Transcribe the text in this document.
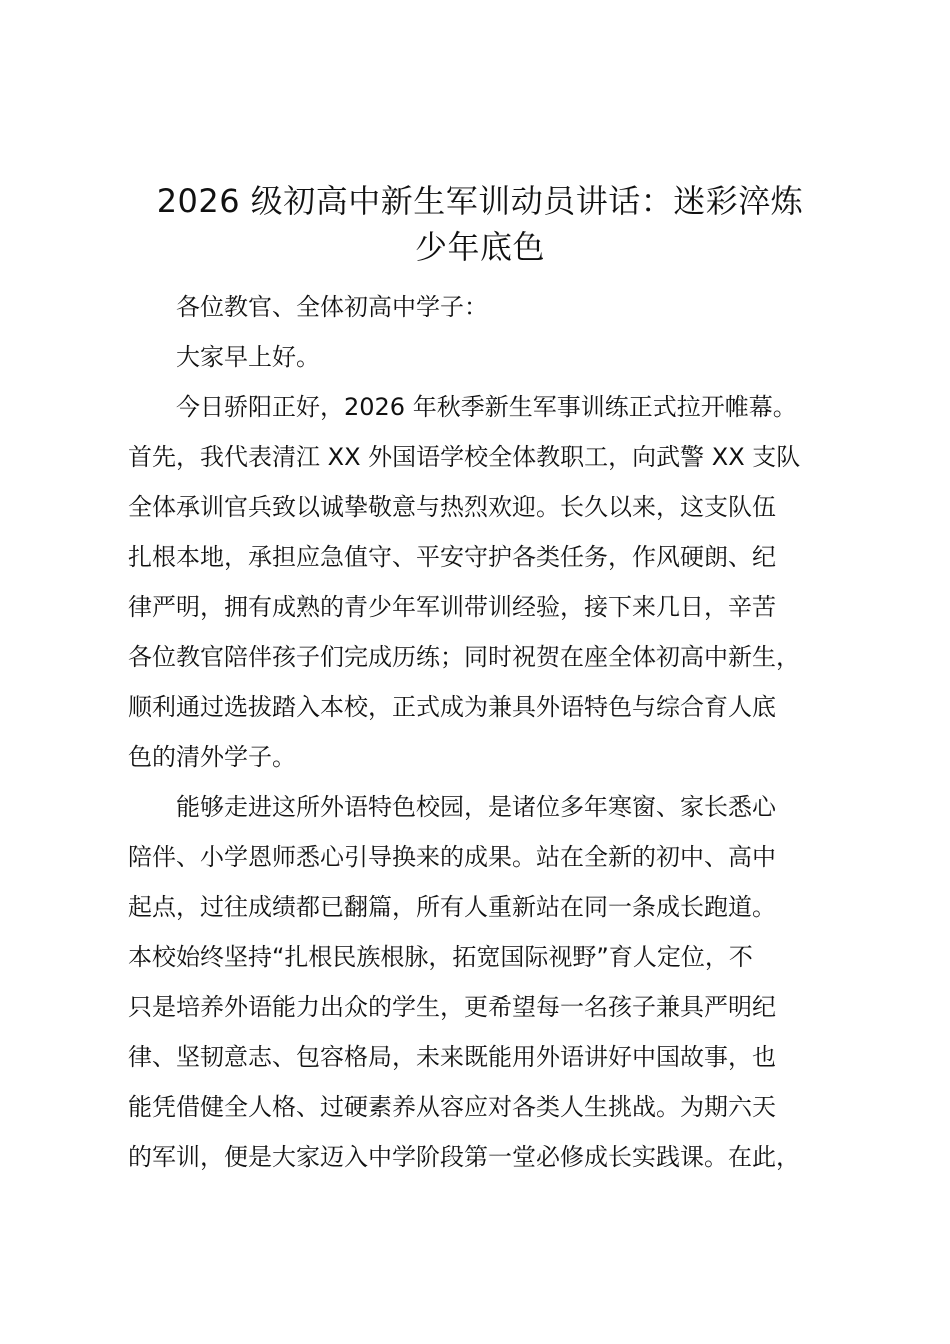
2026 级初高中新生军训动员讲话：迷彩淬炼
少年底色
各位教官、全体初高中学子：
大家早上好。
今日骄阳正好，2026 年秋季新生军事训练正式拉开帷幕。
首先，我代表清江 XX 外国语学校全体教职工，向武警 XX 支队
全体承训官兵致以诚挚敬意与热烈欢迎。长久以来，这支队伍
扎根本地，承担应急值守、平安守护各类任务，作风硬朗、纪
律严明，拥有成熟的青少年军训带训经验，接下来几日，辛苦
各位教官陪伴孩子们完成历练；同时祝贺在座全体初高中新生，
顺利通过选拔踏入本校，正式成为兼具外语特色与综合育人底
色的清外学子。
能够走进这所外语特色校园，是诸位多年寒窗、家长悉心
陪伴、小学恩师悉心引导换来的成果。站在全新的初中、高中
起点，过往成绩都已翻篇，所有人重新站在同一条成长跑道。
本校始终坚持“扎根民族根脉，拓宽国际视野”育人定位，不
只是培养外语能力出众的学生，更希望每一名孩子兼具严明纪
律、坚韧意志、包容格局，未来既能用外语讲好中国故事，也
能凭借健全人格、过硬素养从容应对各类人生挑战。为期六天
的军训，便是大家迈入中学阶段第一堂必修成长实践课。在此，
